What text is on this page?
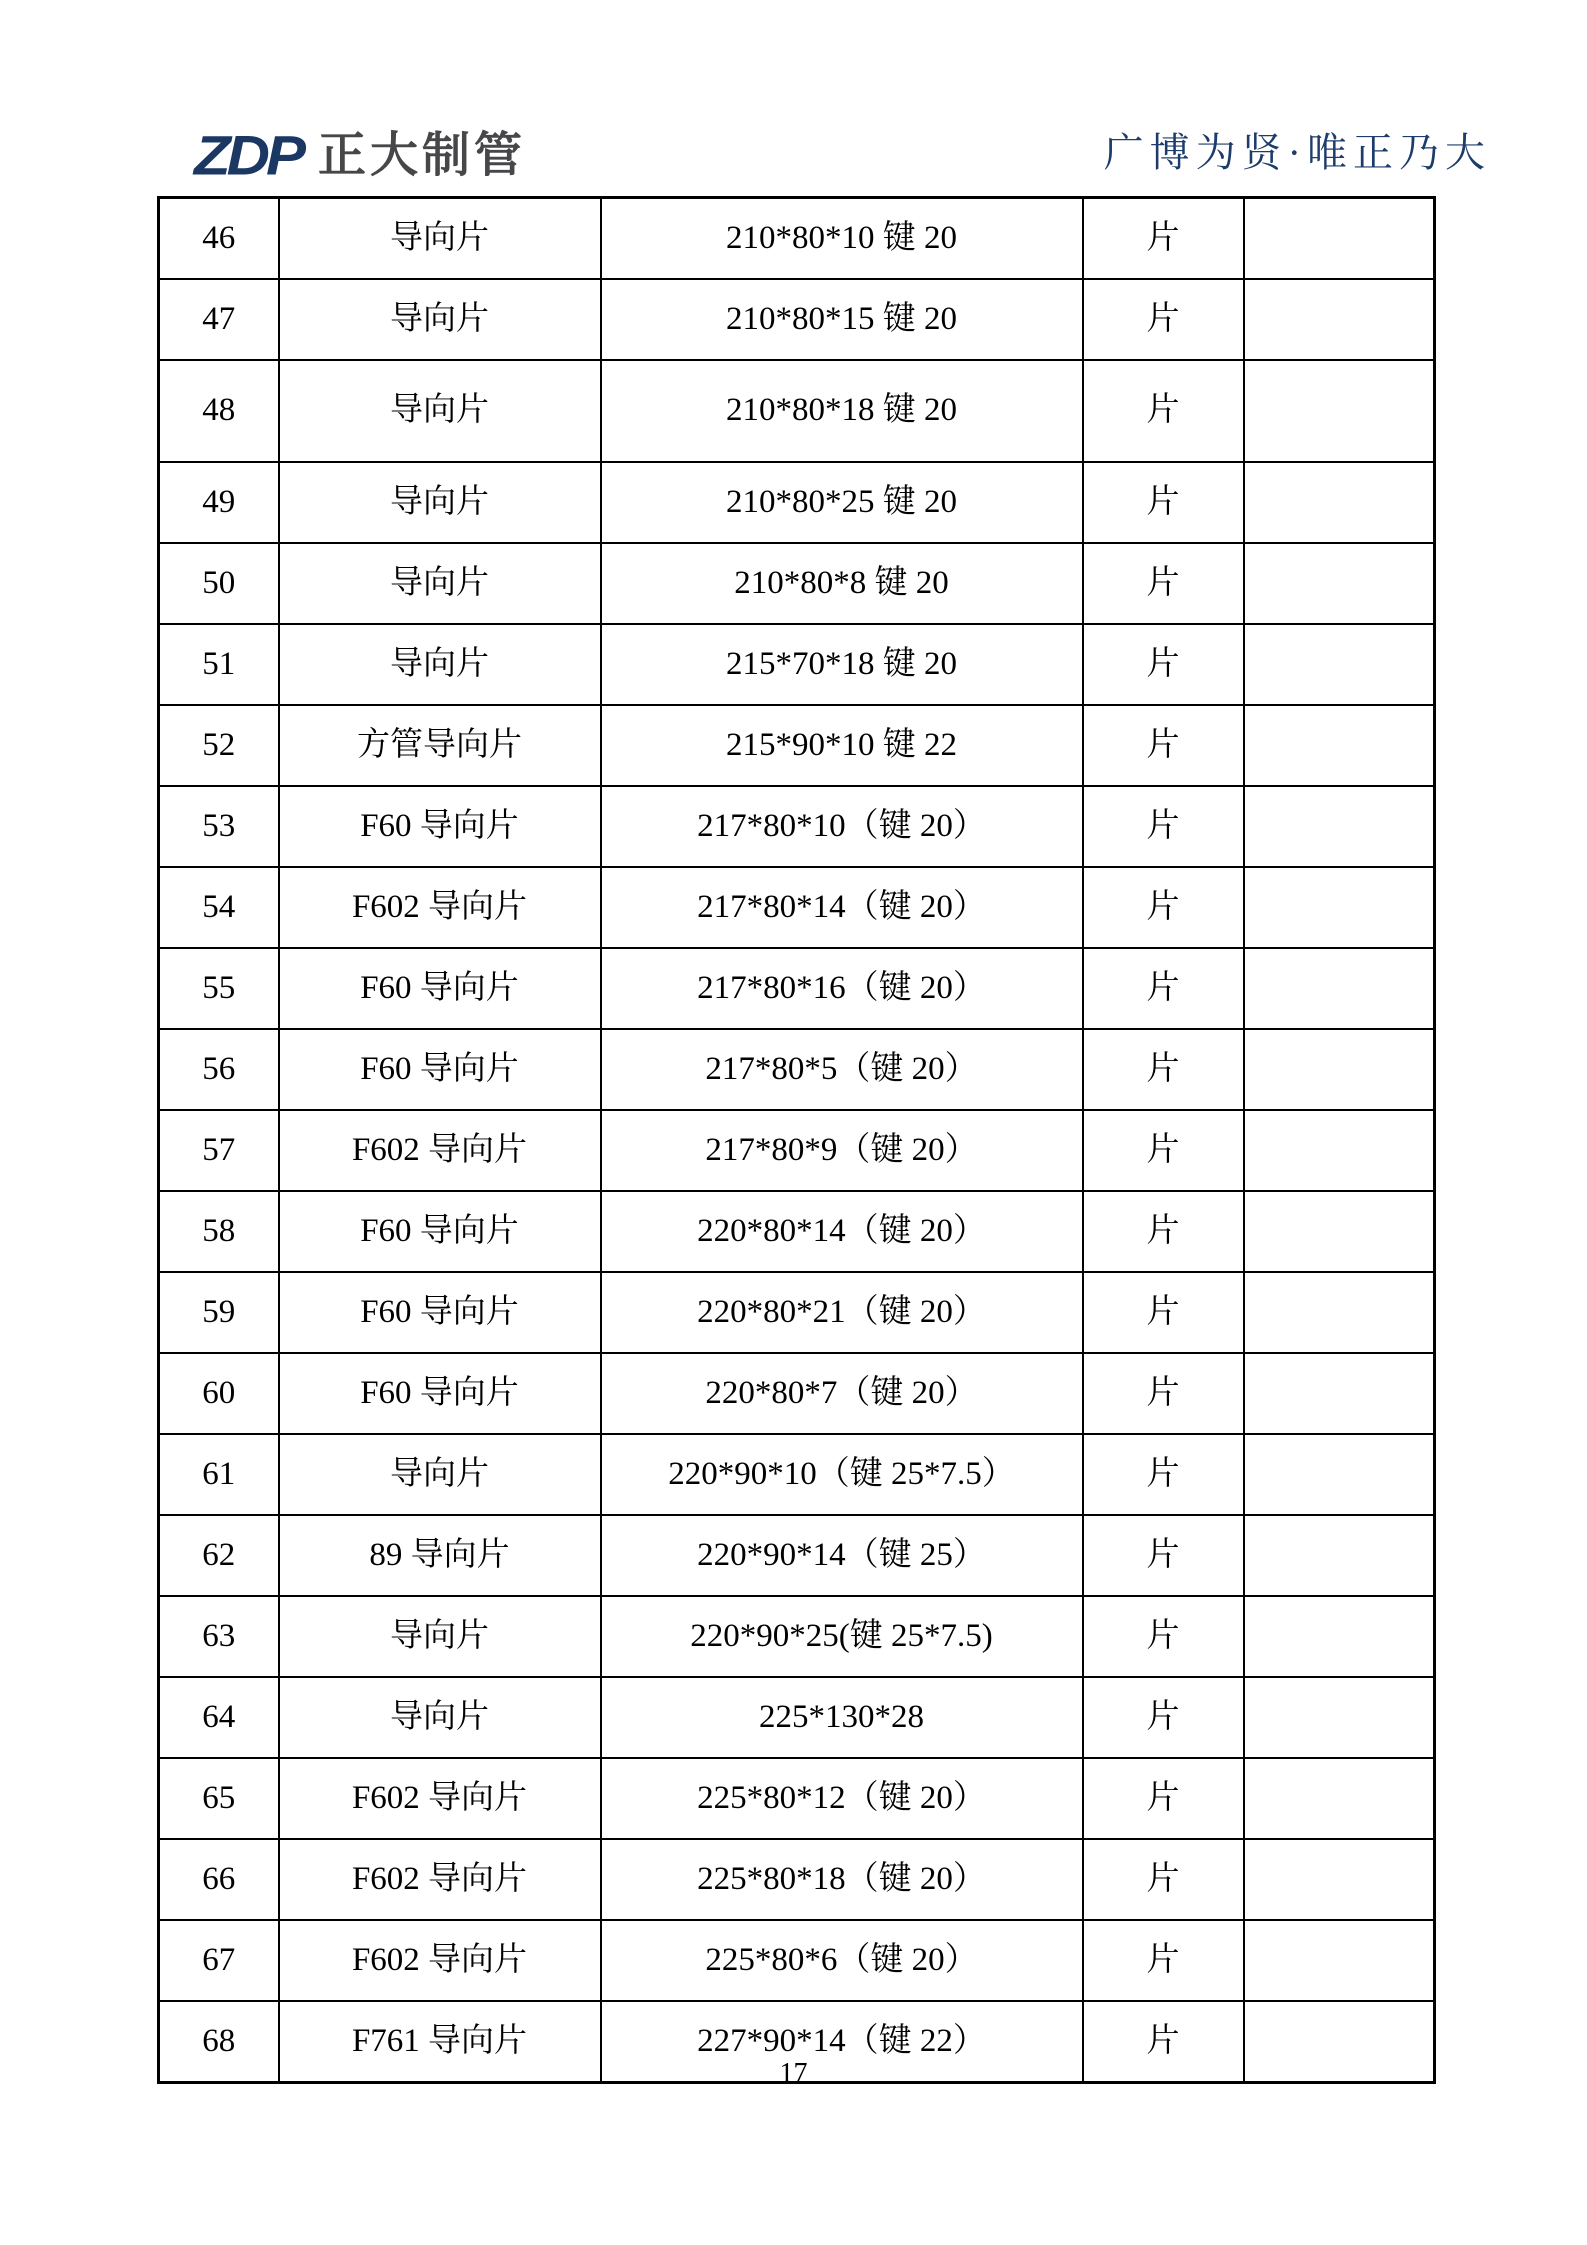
ZDP 正大制管	广博为贤·唯正乃大
46	导向片	210*80*10 键 20	片	
47	导向片	210*80*15 键 20	片	
48	导向片	210*80*18 键 20	片	
49	导向片	210*80*25 键 20	片	
50	导向片	210*80*8 键 20	片	
51	导向片	215*70*18 键 20	片	
52	方管导向片	215*90*10 键 22	片	
53	F60 导向片	217*80*10（键 20）	片	
54	F602 导向片	217*80*14（键 20）	片	
55	F60 导向片	217*80*16（键 20）	片	
56	F60 导向片	217*80*5（键 20）	片	
57	F602 导向片	217*80*9（键 20）	片	
58	F60 导向片	220*80*14（键 20）	片	
59	F60 导向片	220*80*21（键 20）	片	
60	F60 导向片	220*80*7（键 20）	片	
61	导向片	220*90*10（键 25*7.5）	片	
62	89 导向片	220*90*14（键 25）	片	
63	导向片	220*90*25(键 25*7.5)	片	
64	导向片	225*130*28	片	
65	F602 导向片	225*80*12（键 20）	片	
66	F602 导向片	225*80*18（键 20）	片	
67	F602 导向片	225*80*6（键 20）	片	
68	F761 导向片	227*90*14（键 22）	片	
17
